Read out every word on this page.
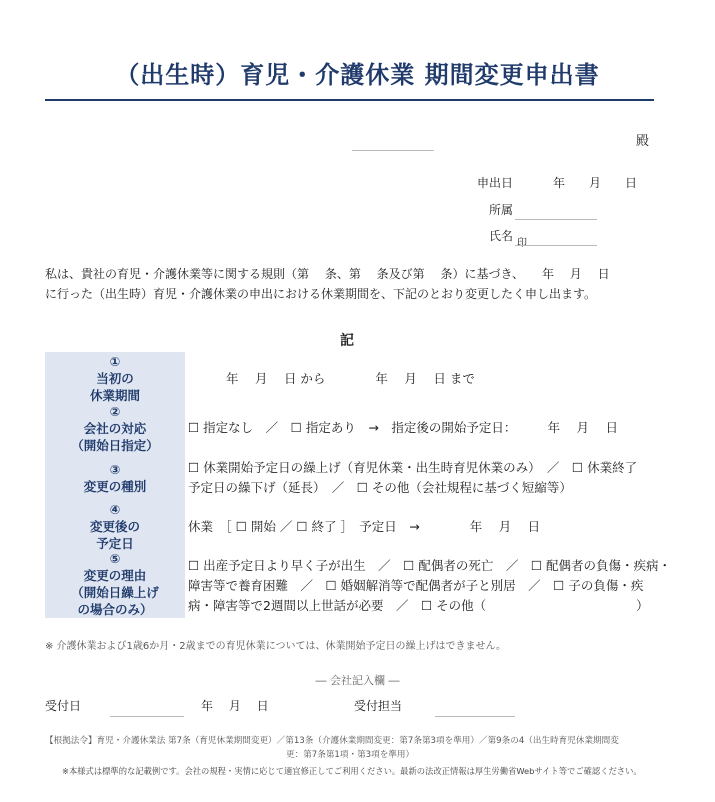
（出生時）育児・介護休業 期間変更申出書
殿
申出日	年　　月　　日
所属
氏名
印
私は、貴社の育児・介護休業等に関する規則（第　 条、第　 条及び第　 条）に基づき、　　年　 月　 日
に行った（出生時）育児・介護休業の申出における休業期間を、下記のとおり変更したく申し出ます。
記
①
当初の
休業期間
年　 月　 日 から　　　　年　 月　 日 まで
②
会社の対応
（開始日指定）
☐ 指定なし　／　☐ 指定あり　→　指定後の開始予定日：　　　年　 月　 日
③
変更の種別
☐ 休業開始予定日の繰上げ（育児休業・出生時育児休業のみ）　／　☐ 休業終了
予定日の繰下げ（延長）　／　☐ その他（会社規程に基づく短縮等）
④
変更後の
予定日
休業　［ ☐ 開始 ／ ☐ 終了 ］　予定日　→　　　　年　 月　 日
⑤
変更の理由
（開始日繰上げ
の場合のみ）
☐ 出産予定日より早く子が出生　／　☐ 配偶者の死亡　／　☐ 配偶者の負傷・疾病・
障害等で養育困難　／　☐ 婚姻解消等で配偶者が子と別居　／　☐ 子の負傷・疾
病・障害等で2週間以上世話が必要　／　☐ その他（　　　　　　　　　　　　）
※ 介護休業および1歳6か月・2歳までの育児休業については、休業開始予定日の繰上げはできません。
― 会社記入欄 ―
受付日	年　 月　 日	受付担当
【根拠法令】育児・介護休業法 第7条（育児休業期間変更）／第13条（介護休業期間変更：第7条第3項を準用）／第9条の4（出生時育児休業期間変
更：第7条第1項・第3項を準用）
※本様式は標準的な記載例です。会社の規程・実情に応じて適宜修正してご利用ください。最新の法改正情報は厚生労働省Webサイト等でご確認ください。
